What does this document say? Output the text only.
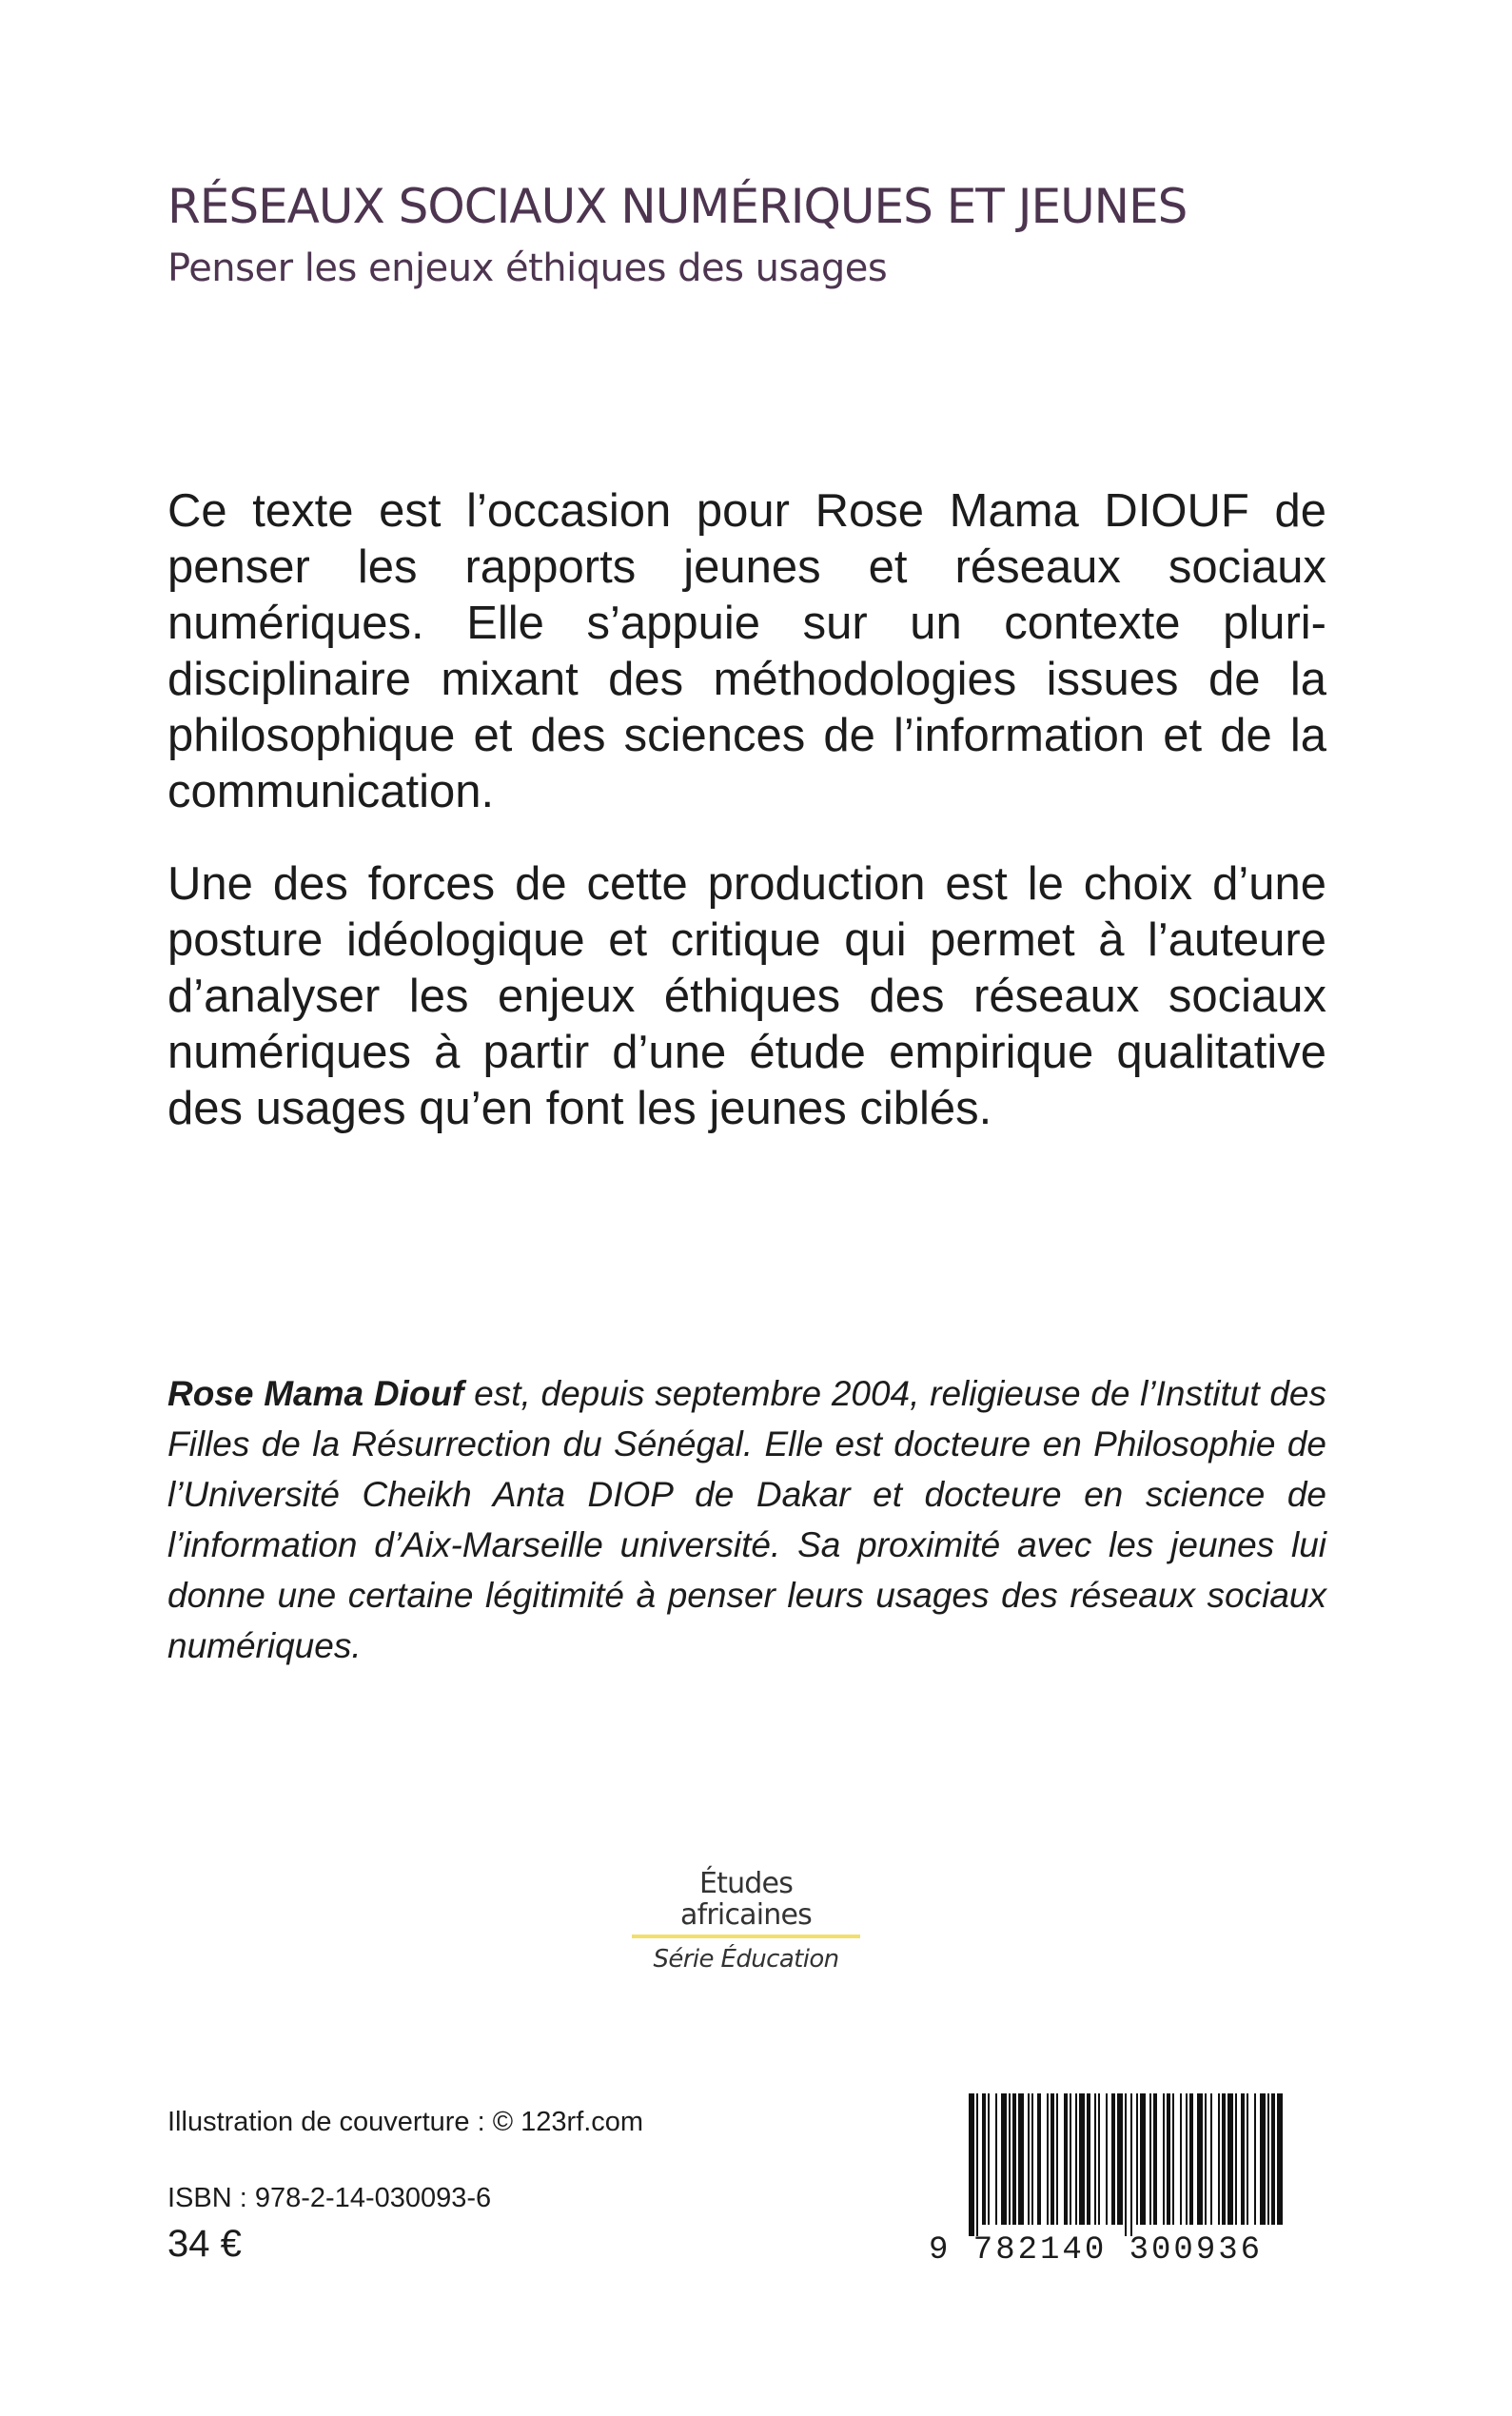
RÉSEAUX SOCIAUX NUMÉRIQUES ET JEUNES
Penser les enjeux éthiques des usages

Ce texte est l’occasion pour Rose Mama DIOUF de penser les rapports jeunes et réseaux sociaux numériques. Elle s’appuie sur un contexte pluri-disciplinaire mixant des méthodologies issues de la philosophique et des sciences de l’information et de la communication.

Une des forces de cette production est le choix d’une posture idéologique et critique qui permet à l’auteure d’analyser les enjeux éthiques des réseaux sociaux numériques à partir d’une étude empirique qualitative des usages qu’en font les jeunes ciblés.

Rose Mama Diouf est, depuis septembre 2004, religieuse de l’Institut des Filles de la Résurrection du Sénégal. Elle est docteure en Philosophie de l’Université Cheikh Anta DIOP de Dakar et docteure en science de l’information d’Aix-Marseille université. Sa proximité avec les jeunes lui donne une certaine légitimité à penser leurs usages des réseaux sociaux numériques.

Études africaines
Série Éducation

Illustration de couverture : © 123rf.com

ISBN : 978-2-14-030093-6

34 €	9 782140 300936
